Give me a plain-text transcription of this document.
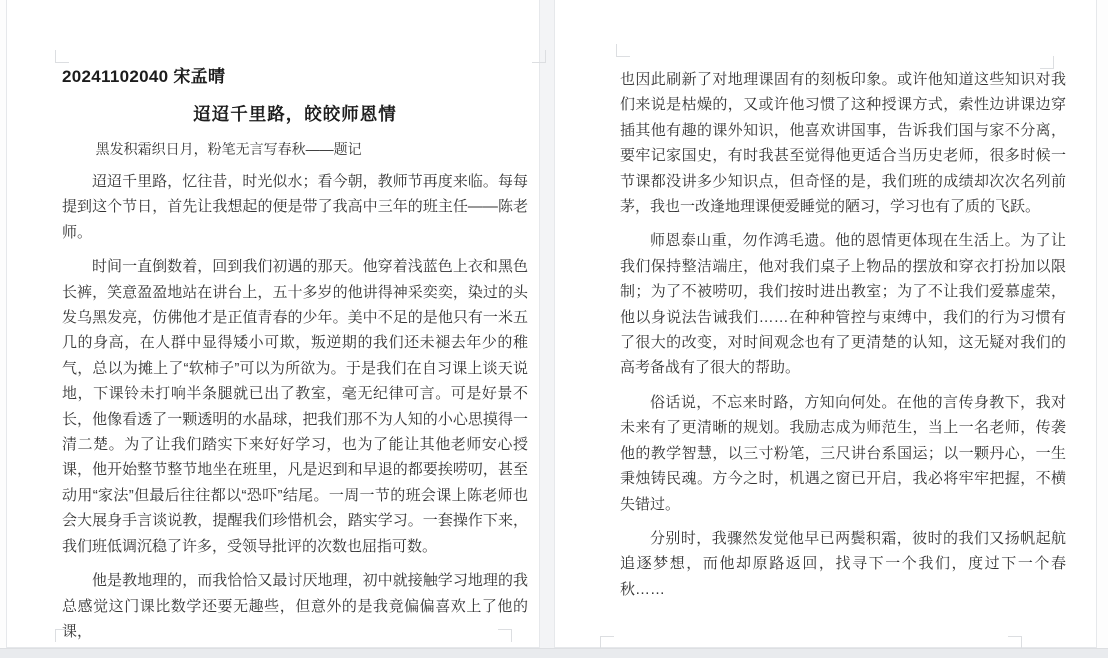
20241102040 宋孟晴

迢迢千里路，皎皎师恩情

黑发积霜织日月，粉笔无言写春秋——题记

迢迢千里路，忆往昔，时光似水；看今朝，教师节再度来临。每每提到这个节日，首先让我想起的便是带了我高中三年的班主任——陈老师。

时间一直倒数着，回到我们初遇的那天。他穿着浅蓝色上衣和黑色长裤，笑意盈盈地站在讲台上，五十多岁的他讲得神采奕奕，染过的头发乌黑发亮，仿佛他才是正值青春的少年。美中不足的是他只有一米五几的身高，在人群中显得矮小可欺，叛逆期的我们还未褪去年少的稚气，总以为摊上了“软柿子”可以为所欲为。于是我们在自习课上谈天说地，下课铃未打响半条腿就已出了教室，毫无纪律可言。可是好景不长，他像看透了一颗透明的水晶球，把我们那不为人知的小心思摸得一清二楚。为了让我们踏实下来好好学习，也为了能让其他老师安心授课，他开始整节整节地坐在班里，凡是迟到和早退的都要挨唠叨，甚至动用“家法”但最后往往都以“恐吓”结尾。一周一节的班会课上陈老师也会大展身手言谈说教，提醒我们珍惜机会，踏实学习。一套操作下来，我们班低调沉稳了许多，受领导批评的次数也屈指可数。

他是教地理的，而我恰恰又最讨厌地理，初中就接触学习地理的我总感觉这门课比数学还要无趣些，但意外的是我竟偏偏喜欢上了他的课，

也因此刷新了对地理课固有的刻板印象。或许他知道这些知识对我们来说是枯燥的，又或许他习惯了这种授课方式，索性边讲课边穿插其他有趣的课外知识，他喜欢讲国事，告诉我们国与家不分离，要牢记家国史，有时我甚至觉得他更适合当历史老师，很多时候一节课都没讲多少知识点，但奇怪的是，我们班的成绩却次次名列前茅，我也一改逢地理课便爱睡觉的陋习，学习也有了质的飞跃。

师恩泰山重，勿作鸿毛遗。他的恩情更体现在生活上。为了让我们保持整洁端庄，他对我们桌子上物品的摆放和穿衣打扮加以限制；为了不被唠叨，我们按时进出教室；为了不让我们爱慕虚荣，他以身说法告诫我们……在种种管控与束缚中，我们的行为习惯有了很大的改变，对时间观念也有了更清楚的认知，这无疑对我们的高考备战有了很大的帮助。

俗话说，不忘来时路，方知向何处。在他的言传身教下，我对未来有了更清晰的规划。我励志成为师范生，当上一名老师，传袭他的教学智慧，以三寸粉笔，三尺讲台系国运；以一颗丹心，一生秉烛铸民魂。方今之时，机遇之窗已开启，我必将牢牢把握，不横失错过。

分别时，我骤然发觉他早已两鬓积霜，彼时的我们又扬帆起航追逐梦想，而他却原路返回，找寻下一个我们，度过下一个春秋……
